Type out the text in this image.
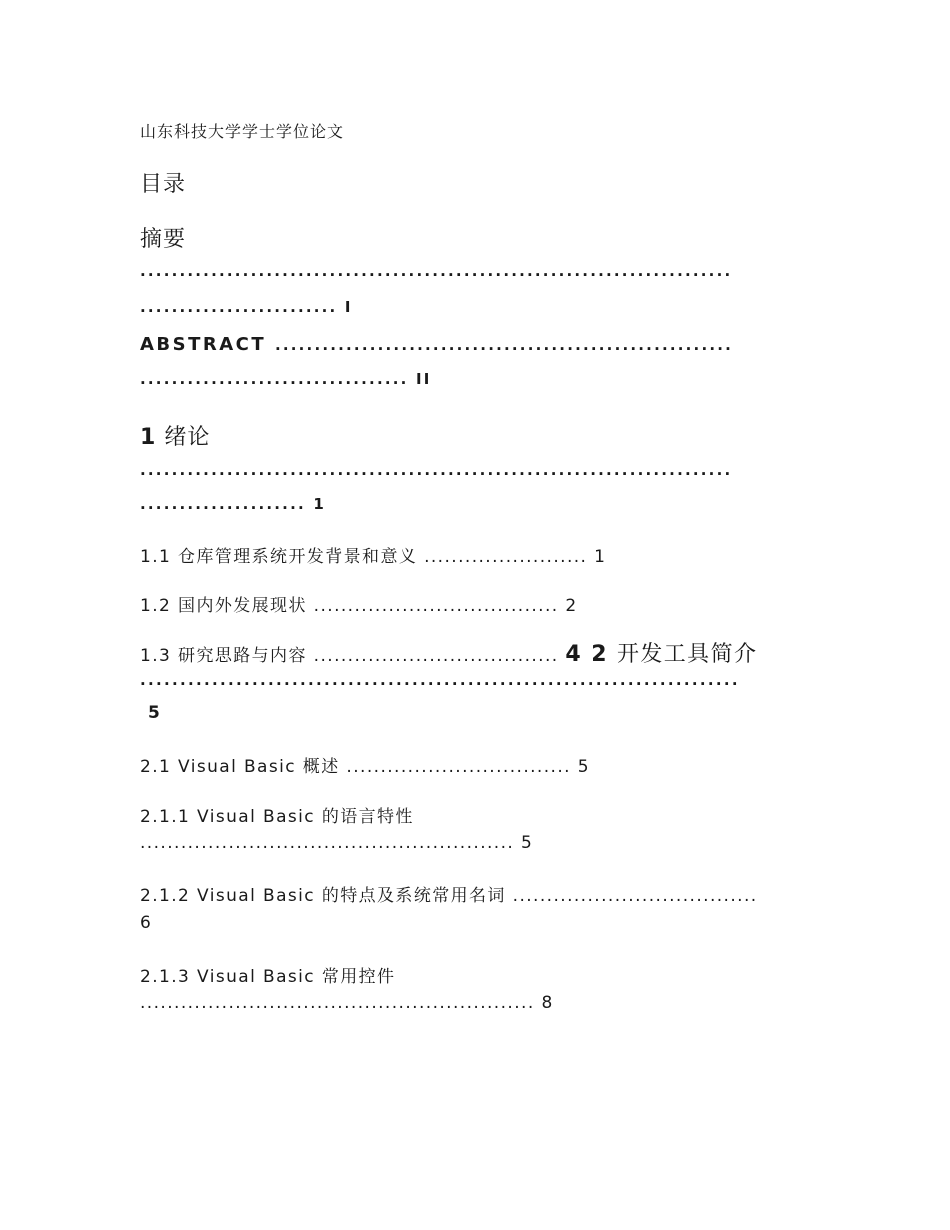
山东科技大学学士学位论文
目录
摘要
...........................................................................
......................... I
ABSTRACT ..........................................................
.................................. II
1 绪论
...........................................................................
..................... 1
1.1 仓库管理系统开发背景和意义 ........................ 1
1.2 国内外发展现状 .................................... 2
1.3 研究思路与内容 .................................... 4 2 开发工具简介
...........................................................................
5
2.1 Visual Basic 概述 ................................. 5
2.1.1 Visual Basic 的语言特性
....................................................... 5
2.1.2 Visual Basic 的特点及系统常用名词 ....................................
6
2.1.3 Visual Basic 常用控件
.......................................................... 8
